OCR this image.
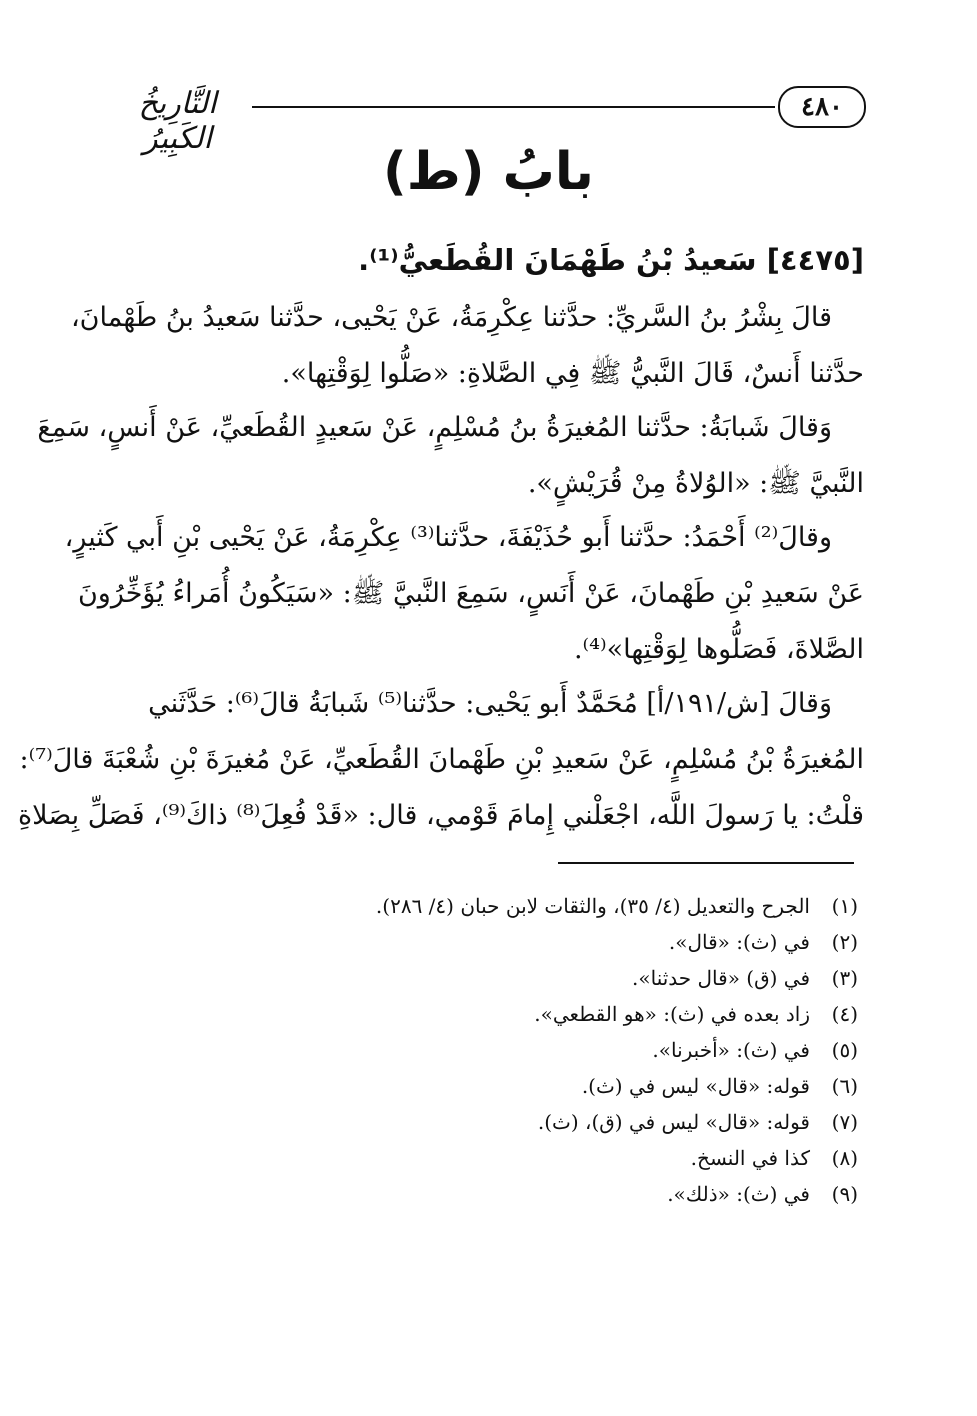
٤٨٠
التَّارِيخُ الكَبِيرُ
بابُ (ط)
[٤٤٧٥] سَعيدُ بْنُ طَهْمَانَ القُطَعيُّ⁽¹⁾.
قالَ بِشْرُ بنُ السَّريِّ: حدَّثنا عِكْرِمَةُ، عَنْ يَحْيى، حدَّثنا سَعيدُ بنُ طَهْمانَ،
حدَّثنا أَنسٌ، قَالَ النَّبيُّ ﷺ فِي الصَّلاةِ: «صَلُّوا لِوَقْتِها».
وَقالَ شَبابَةُ: حدَّثنا المُغيرَةُ بنُ مُسْلِمٍ، عَنْ سَعيدٍ القُطَعيِّ، عَنْ أَنسٍ، سَمِعَ
النَّبيَّ ﷺ: «الوُلاةُ مِنْ قُرَيْشٍ».
وقالَ⁽²⁾ أَحْمَدُ: حدَّثنا أَبو حُذَيْفَةَ، حدَّثنا⁽³⁾ عِكْرِمَةُ، عَنْ يَحْيى بْنِ أَبي كَثيرٍ،
عَنْ سَعيدِ بْنِ طَهْمانَ، عَنْ أَنَسٍ، سَمِعَ النَّبيَّ ﷺ: «سَيَكُونُ أُمَراءُ يُؤَخِّرُونَ
الصَّلاةَ، فَصَلُّوها لِوَقْتِها»⁽⁴⁾.
وَقالَ [ش/١٩١/أ] مُحَمَّدٌ أَبو يَحْيى: حدَّثنا⁽⁵⁾ شَبابَةُ قالَ⁽⁶⁾: حَدَّثَني
المُغيرَةُ بْنُ مُسْلِمٍ، عَنْ سَعيدِ بْنِ طَهْمانَ القُطَعيِّ، عَنْ مُغيرَةَ بْنِ شُعْبَةَ قالَ⁽⁷⁾:
قلْتُ: يا رَسولَ اللَّه، اجْعَلْني إِمامَ قَوْمي، قال: «قَدْ فُعِلَ⁽⁸⁾ ذاكَ⁽⁹⁾، فَصَلِّ بِصَلاةِ
(١)الجرح والتعديل (٤/ ٣٥)، والثقات لابن حبان (٤/ ٢٨٦).
(٢)في (ث): «قال».
(٣)في (ق) «قال حدثنا».
(٤)زاد بعده في (ث): «هو القطعي».
(٥)في (ث): «أخبرنا».
(٦)قوله: «قال» ليس في (ث).
(٧)قوله: «قال» ليس في (ق)، (ث).
(٨)كذا في النسخ.
(٩)في (ث): «ذلك».
